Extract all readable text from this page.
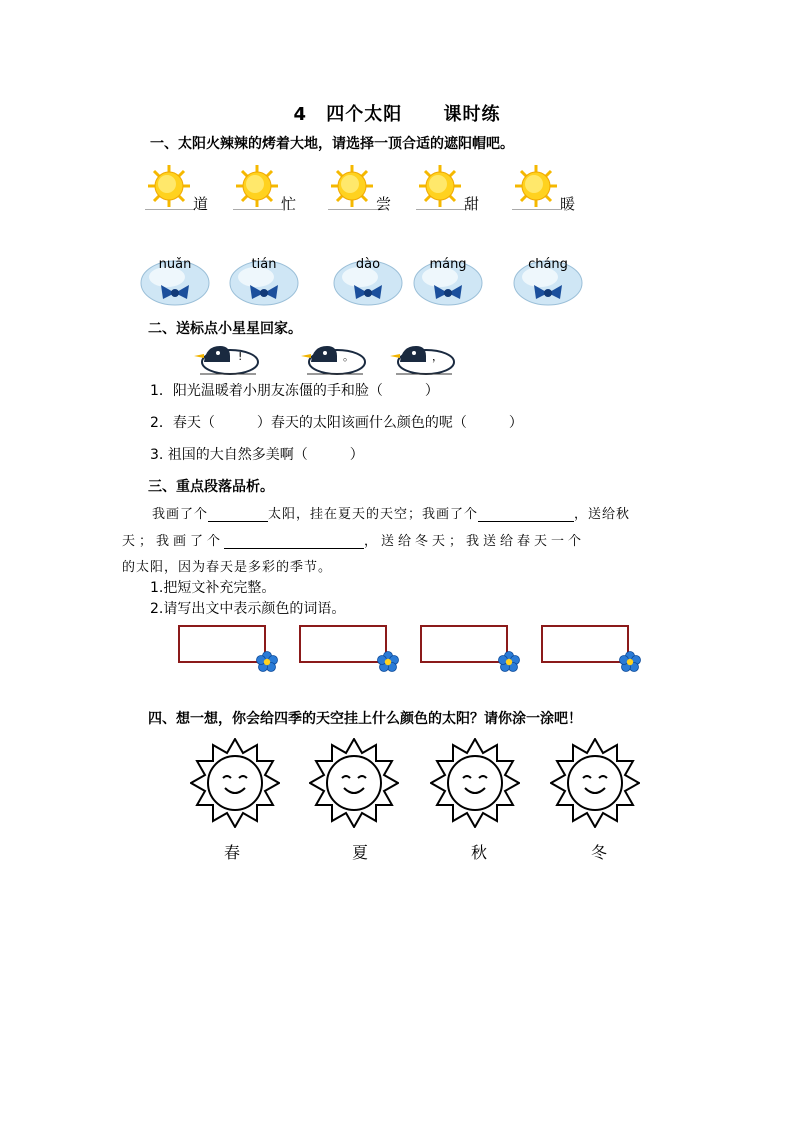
4 四个太阳 课时练
一、太阳火辣辣的烤着大地，请选择一顶合适的遮阳帽吧。
道	忙	尝	甜	暖
nuǎn	tián	dào	máng	cháng
二、送标点小星星回家。
!	。	，
1．阳光温暖着小朋友冻僵的手和脸（　　　）
2．春天（　　　）春天的太阳该画什么颜色的呢（　　　）
3. 祖国的大自然多美啊（　　　）
三、重点段落品析。
我画了个	太阳，挂在夏天的天空；我画了个	，送给秋
天；我画了个	，送给冬天；我送给春天一个
的太阳，因为春天是多彩的季节。
1.把短文补充完整。
2.请写出文中表示颜色的词语。
四、想一想，你会给四季的天空挂上什么颜色的太阳？请你涂一涂吧！
春	夏	秋	冬
